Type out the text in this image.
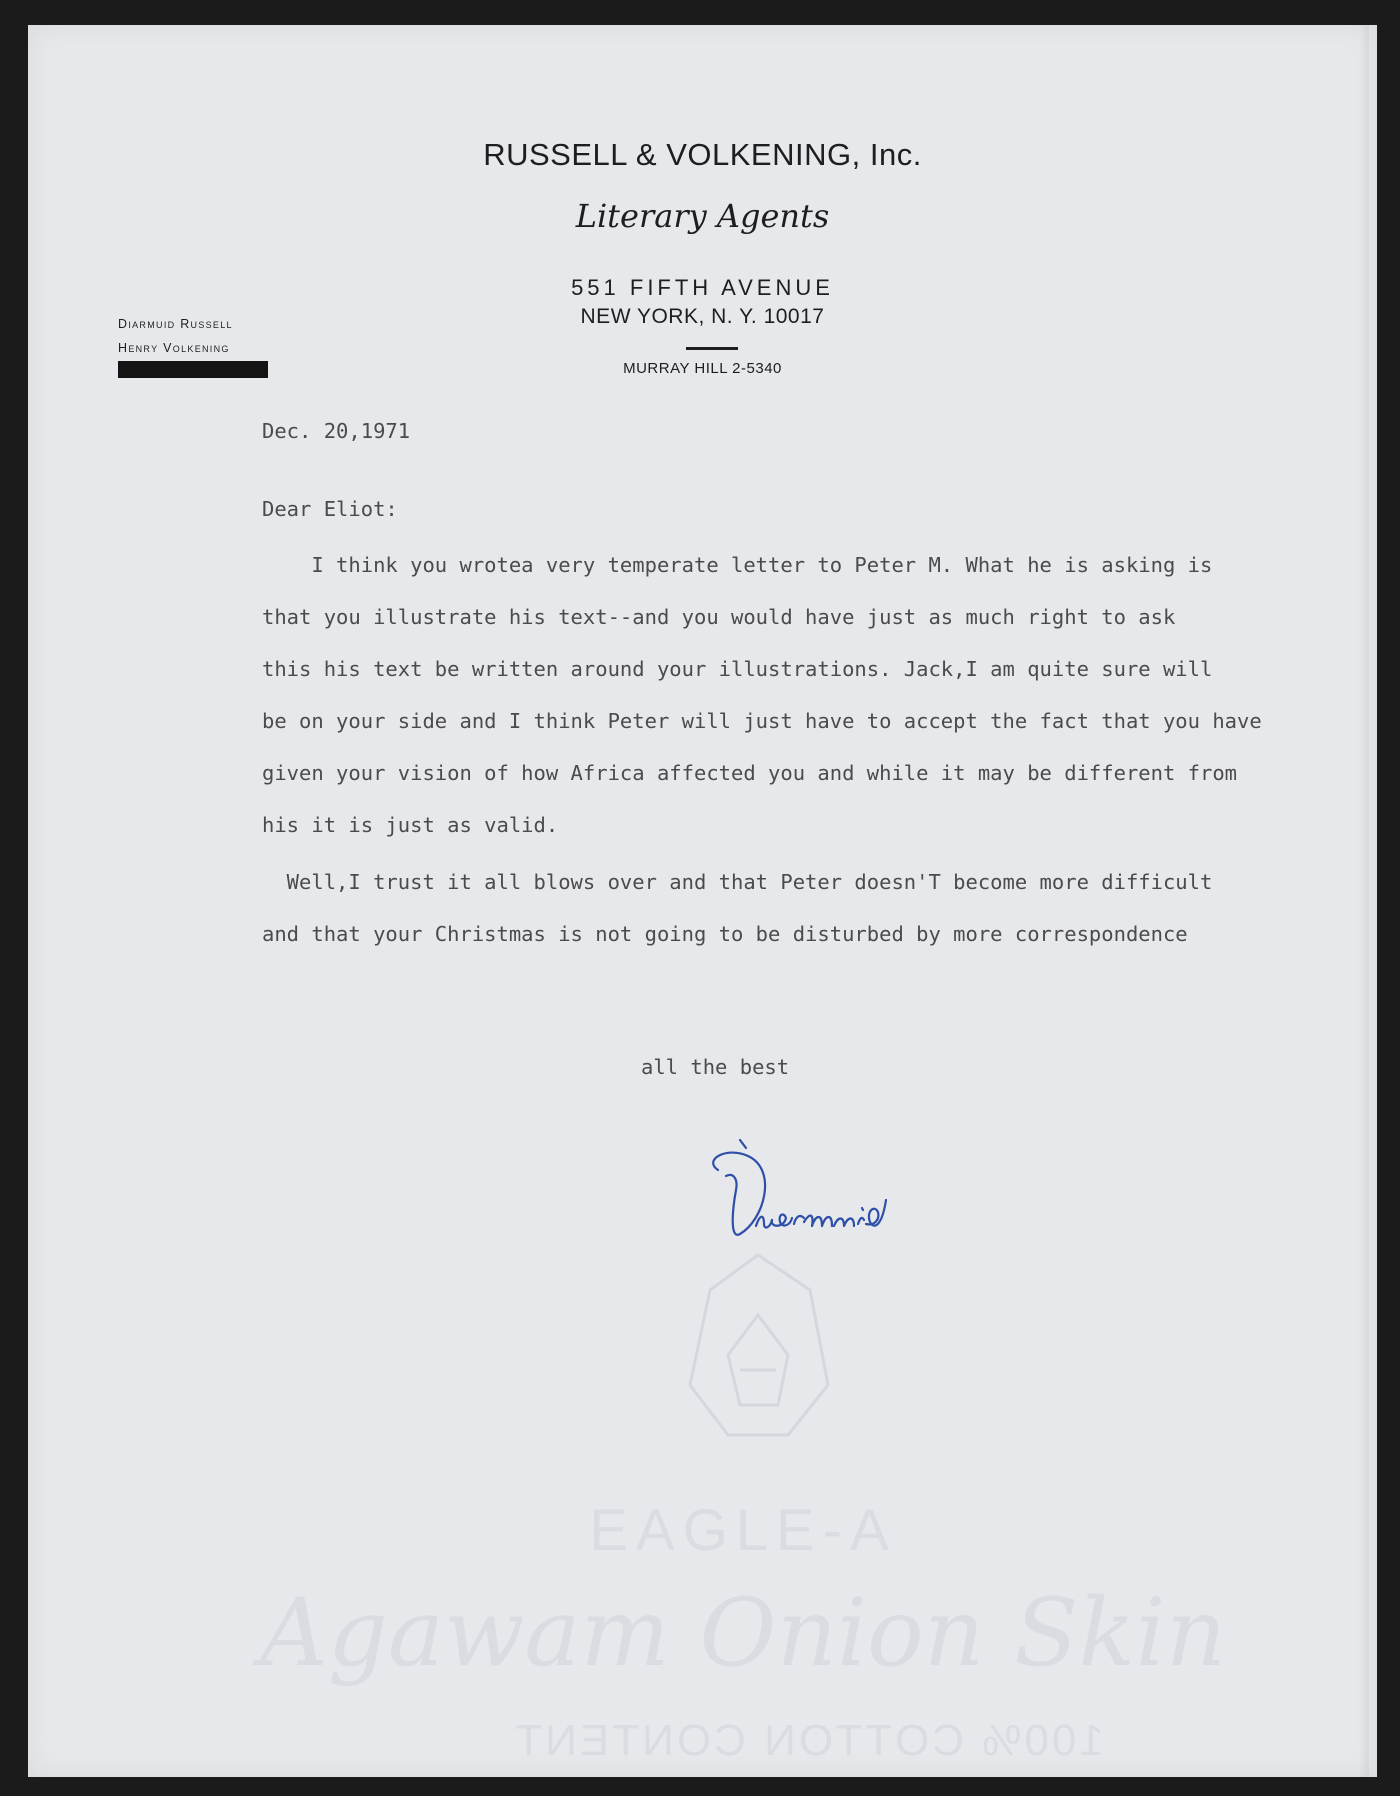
RUSSELL & VOLKENING, Inc.
Literary Agents
551 FIFTH AVENUE
NEW YORK, N. Y. 10017
MURRAY HILL 2-5340
Diarmuid Russell
Henry Volkening
EAGLE-A
Agawam Onion Skin
100% COTTON CONTENT
Dec. 20,1971
Dear Eliot:
I think you wrotea very temperate letter to Peter M. What he is asking is
that you illustrate his text--and you would have just as much right to ask
this his text be written around your illustrations. Jack,I am quite sure will
be on your side and I think Peter will just have to accept the fact that you have
given your vision of how Africa affected you and while it may be different from
his it is just as valid.
Well,I trust it all blows over and that Peter doesn'T become more difficult
and that your Christmas is not going to be disturbed by more correspondence
all the best
